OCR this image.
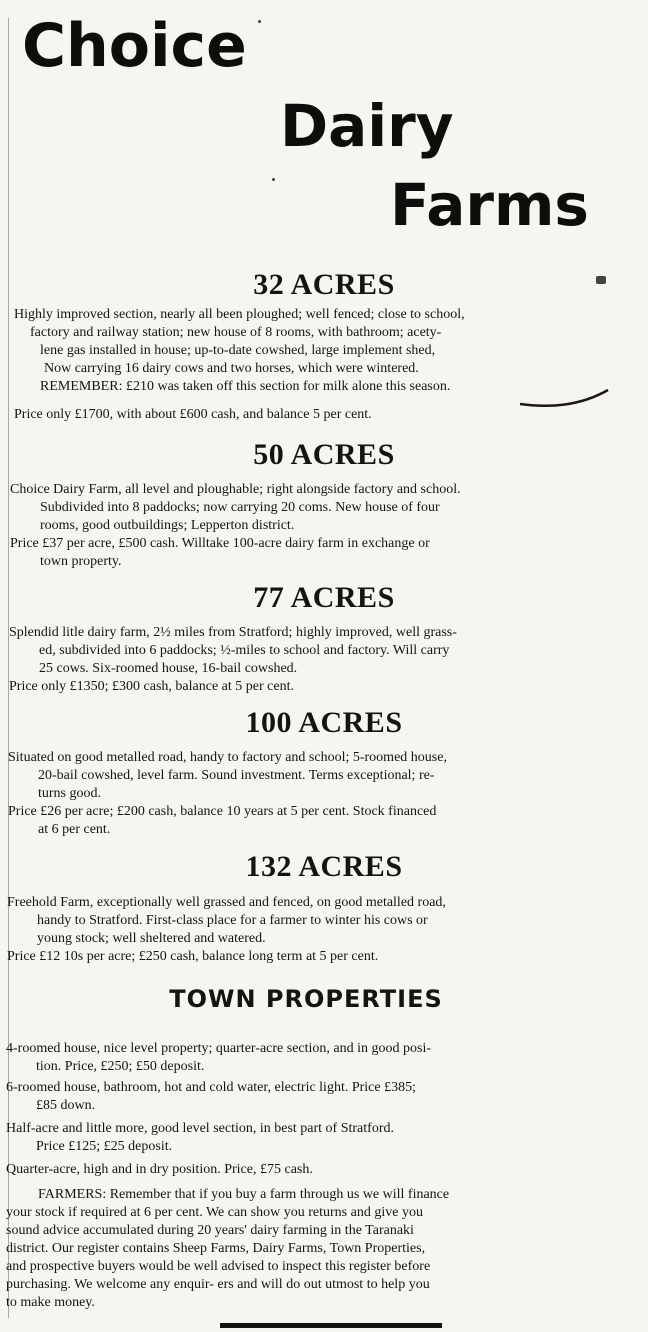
Choice
Dairy
Farms
32 ACRES

Highly improved section, nearly all been ploughed; well fenced; close to school,

factory and railway station; new house of 8 rooms, with bathroom; acety-

lene gas installed in house; up-to-date cowshed, large implement shed,

Now carrying 16 dairy cows and two horses, which were wintered.

REMEMBER: £210 was taken off this section for milk alone this season.

Price only £1700, with about £600 cash, and balance 5 per cent.
50 ACRES

Choice Dairy Farm, all level and ploughable; right alongside factory and school.

Subdivided into 8 paddocks; now carrying 20 coms. New house of four

rooms, good outbuildings; Lepperton district.

Price £37 per acre, £500 cash. Willtake 100-acre dairy farm in exchange or

town property.

77 ACRES

Splendid litle dairy farm, 2½ miles from Stratford; highly improved, well grass-

ed, subdivided into 6 paddocks; ½-miles to school and factory. Will carry

25 cows. Six-roomed house, 16-bail cowshed.

Price only £1350; £300 cash, balance at 5 per cent.

100 ACRES

Situated on good metalled road, handy to factory and school; 5-roomed house,

20-bail cowshed, level farm. Sound investment. Terms exceptional; re-

turns good.

Price £26 per acre; £200 cash, balance 10 years at 5 per cent. Stock financed

at 6 per cent.

132 ACRES

Freehold Farm, exceptionally well grassed and fenced, on good metalled road,

handy to Stratford. First-class place for a farmer to winter his cows or

young stock; well sheltered and watered.

Price £12 10s per acre; £250 cash, balance long term at 5 per cent.

TOWN PROPERTIES

4-roomed house, nice level property; quarter-acre section, and in good posi-

tion. Price, £250; £50 deposit.

6-roomed house, bathroom, hot and cold water, electric light. Price £385;

£85 down.

Half-acre and little more, good level section, in best part of Stratford.

Price £125; £25 deposit.

Quarter-acre, high and in dry position. Price, £75 cash.

FARMERS: Remember that if you buy a farm through us we will finance

your stock if required at 6 per cent. We can show you returns and give you

sound advice accumulated during 20 years' dairy farming in the Taranaki

district. Our register contains Sheep Farms, Dairy Farms, Town Properties,

and prospective buyers would be well advised to inspect this register before

purchasing. We welcome any enquir- ers and will do out utmost to help you

to make money.
